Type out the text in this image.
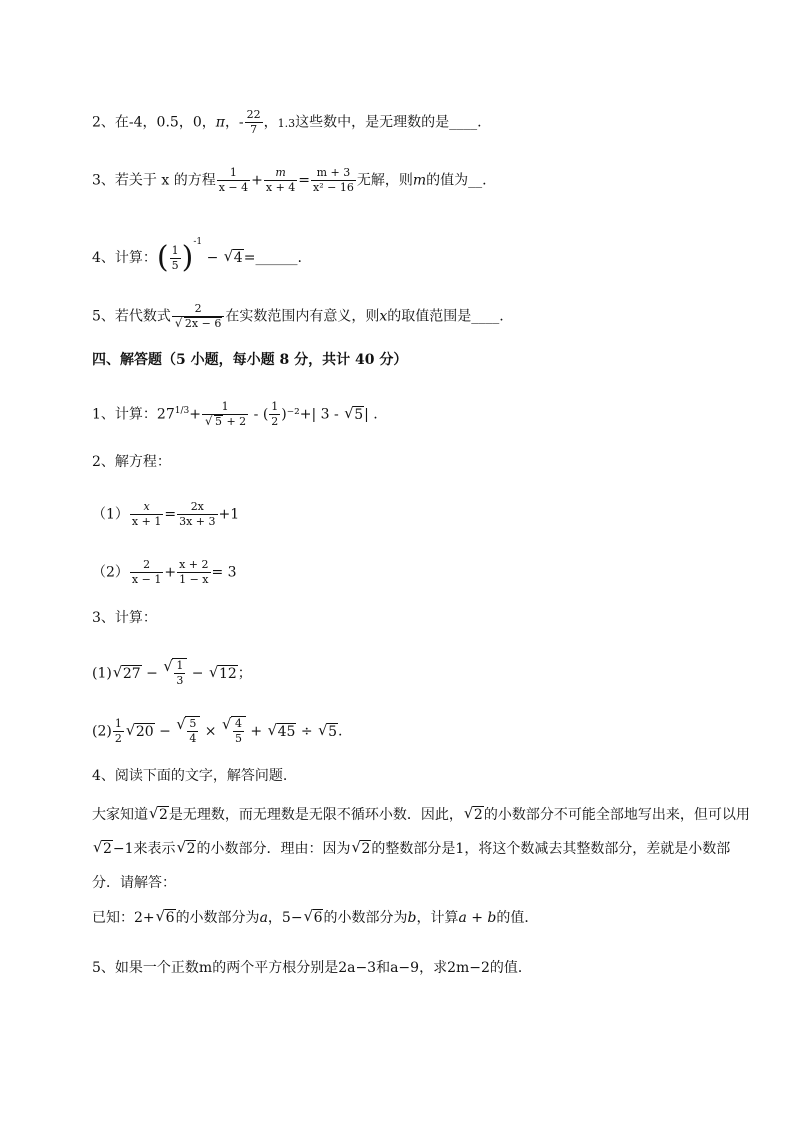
2、在-4，0.5，0，π，- $\frac{22}{7}$ ，1.3这些数中，是无理数的是____.
3、若关于 x 的方程 $\frac{1}{x - 4} + \frac{m}{x + 4} = \frac{m + 3}{\text{x² − 16}}$ 无解，则m的值为__.
4、计算：( $\frac{1}{5} )^{-1}$ − √ 4=______.
5、若代数式 2
√ 2x − 6 在实数范围内有意义，则x的取值范围是____.
四、解答题（5 小题，每小题 8 分，共计 40 分）
1、计算：$27^{1/3}+ 1$
√ 5 + 2 - ( $\frac{1}{2} )^{-2}+|$ 3 - √ 5| .
2、解方程：
$(1) \frac{x}{x + 1} = \frac{2x}{3x + 3} +1$
$(2) \frac{2}{x - 1} + \frac{x + 2}{1 - x} = 3$
3、计算：
(1) √ 27 − √ $\frac{1}{3}$ − √ 12；
$(2) \frac{1}{2}$ √ 20 − √ $\frac{5}{4}$ × √ $\frac{4}{5}$ + √ 45 ÷ √ 5.
4、阅读下面的文字，解答问题.
大家知道 √ 2是无理数，而无理数是无限不循环小数．因此， √ 2的小数部分不可能全部地写出来，但可以用√ 2−1来表示 √ 2的小数部分．理由：因为 √ 2的整数部分是1，将这个数减去其整数部分，差就是小数部分．请解答：
已知：2+ √ 6的小数部分为a，5− √ 6的小数部分为b，计算a + b的值．
5、如果一个正数m的两个平方根分别是2a−3和a−9，求2m−2的值．
